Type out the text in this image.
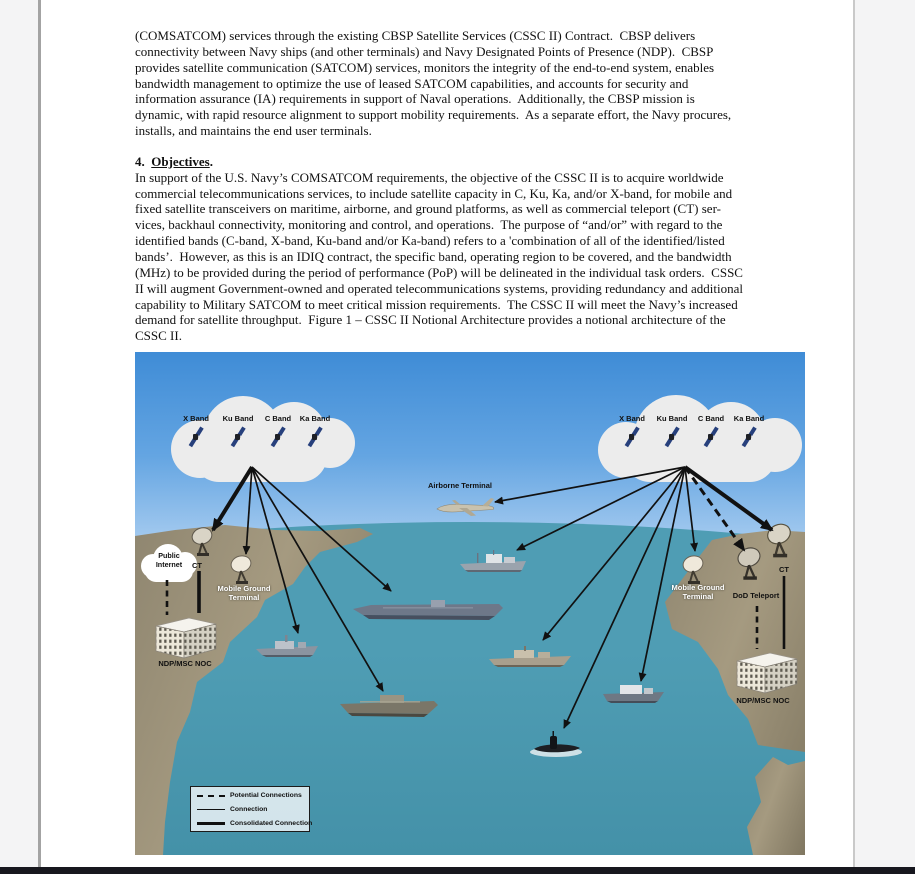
(COMSATCOM) services through the existing CBSP Satellite Services (CSSC II) Contract.  CBSP delivers
connectivity between Navy ships (and other terminals) and Navy Designated Points of Presence (NDP).  CBSP
provides satellite communication (SATCOM) services, monitors the integrity of the end-to-end system, enables
bandwidth management to optimize the use of leased SATCOM capabilities, and accounts for security and
information assurance (IA) requirements in support of Naval operations.  Additionally, the CBSP mission is
dynamic, with rapid resource alignment to support mobility requirements.  As a separate effort, the Navy procures,
installs, and maintains the end user terminals.
4.  Objectives.
In support of the U.S. Navy’s COMSATCOM requirements, the objective of the CSSC II is to acquire worldwide
commercial telecommunications services, to include satellite capacity in C, Ku, Ka, and/or X-band, for mobile and
fixed satellite transceivers on maritime, airborne, and ground platforms, as well as commercial teleport (CT) ser-
vices, backhaul connectivity, monitoring and control, and operations.  The purpose of “and/or” with regard to the
identified bands (C-band, X-band, Ku-band and/or Ka-band) refers to a 'combination of all of the identified/listed
bands’.  However, as this is an IDIQ contract, the specific band, operating region to be covered, and the bandwidth
(MHz) to be provided during the period of performance (PoP) will be delineated in the individual task orders.  CSSC
II will augment Government-owned and operated telecommunications systems, providing redundancy and additional
capability to Military SATCOM to meet critical mission requirements.  The CSSC II will meet the Navy’s increased
demand for satellite throughput.  Figure 1 – CSSC II Notional Architecture provides a notional architecture of the
CSSC II.
X Band	Ku Band	C Band	Ka Band	X Band	Ku Band	C Band	Ka Band
Public
Internet
Airborne Terminal
CT
Mobile Ground
Terminal
NDP/MSC NOC
Mobile Ground
Terminal	DoD Teleport
CT
NDP/MSC NOC
Potential Connections
Connection
Consolidated Connection
